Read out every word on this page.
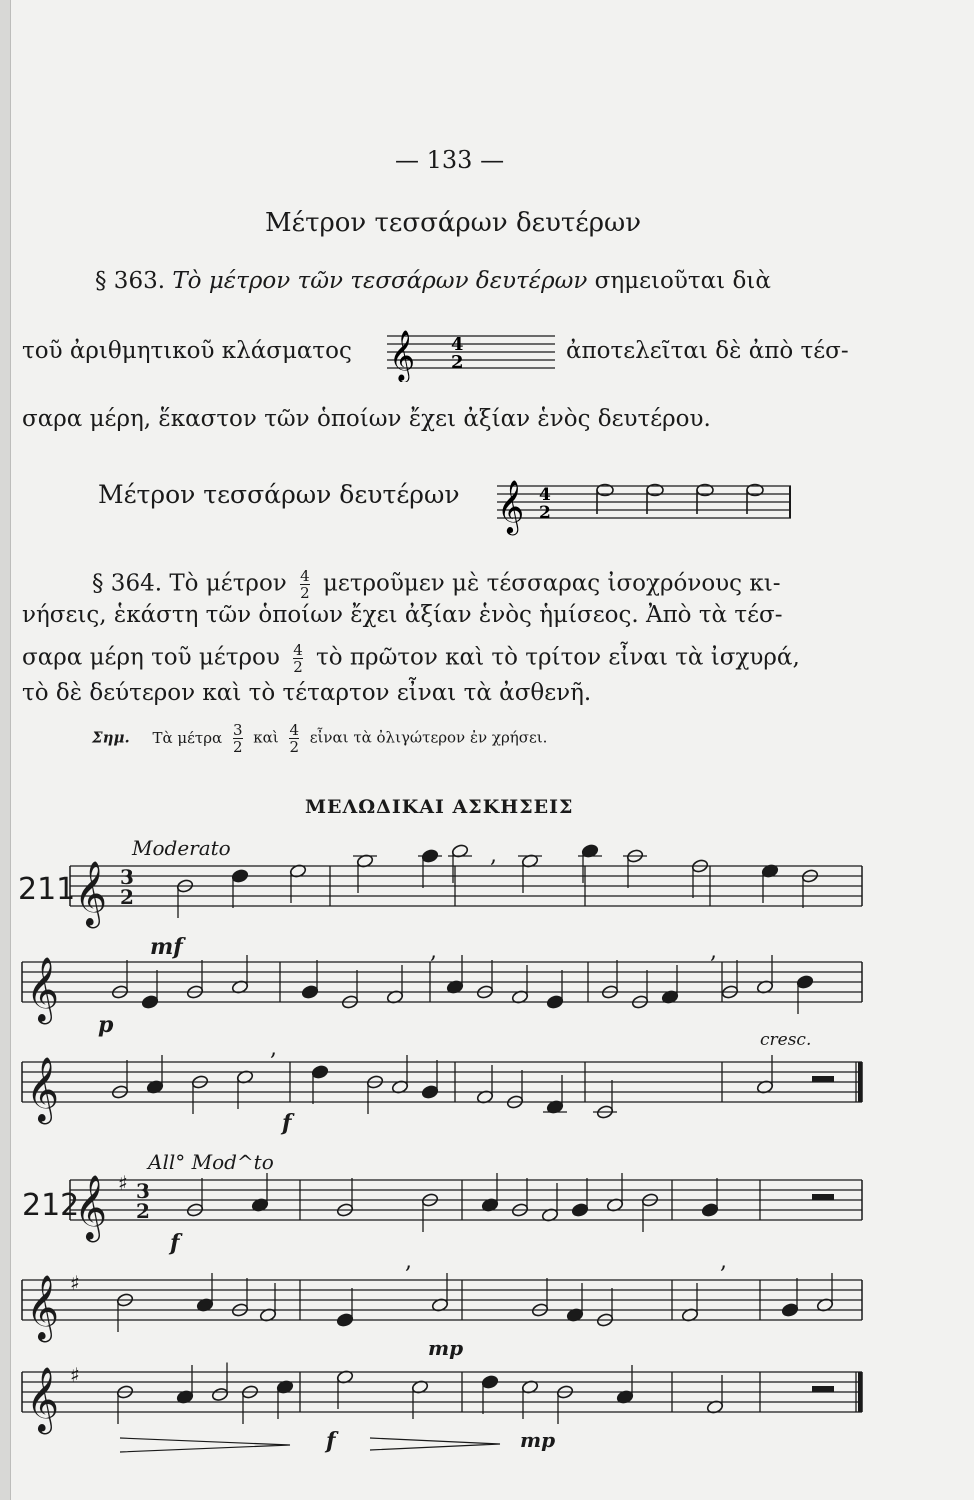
— 133 —
Μέτρον τεσσάρων δευτέρων
§ 363. Τὸ μέτρον τῶν τεσσάρων δευτέρων σημειοῦται διὰ
τοῦ ἀριθμητικοῦ κλάσματος 𝄞 4
2	ἀποτελεῖται δὲ ἀπὸ τέσ-
σαρα μέρη, ἕκαστον τῶν ὁποίων ἔχει ἀξίαν ἑνὸς δευτέρου.
Μέτρον τεσσάρων δευτέρων 𝄞 4
2
§ 364. Τὸ μέτρον $\frac{4}{2}$ μετροῦμεν μὲ τέσσαρας ἰσοχρόνους κι-
νήσεις, ἑκάστη τῶν ὁποίων ἔχει ἀξίαν ἑνὸς ἡμίσεος. Ἀπὸ τὰ τέσ-
σαρα μέρη τοῦ μέτρου $\frac{4}{2}$ τὸ πρῶτον καὶ τὸ τρίτον εἶναι τὰ ἰσχυρά,
τὸ δὲ δεύτερον καὶ τὸ τέταρτον εἶναι τὰ ἀσθενῆ.
Σημ. Τὰ μέτρα $\frac{3}{2}$ καὶ $\frac{4}{2}$ εἶναι τὰ ὀλιγώτερον ἐν χρήσει.
ΜΕΛΩΔΙΚΑΙ ΑΣΚΗΣΕΙΣ
Moderato
211
mf
p
cresc.
f
All° Mod^to
212
f
mp
f	mp
𝄞 3
2
𝄞
𝄞
𝄞 ♯ 3
2
𝄞 ♯
𝄞 ♯
,
,	,
,
,	,
